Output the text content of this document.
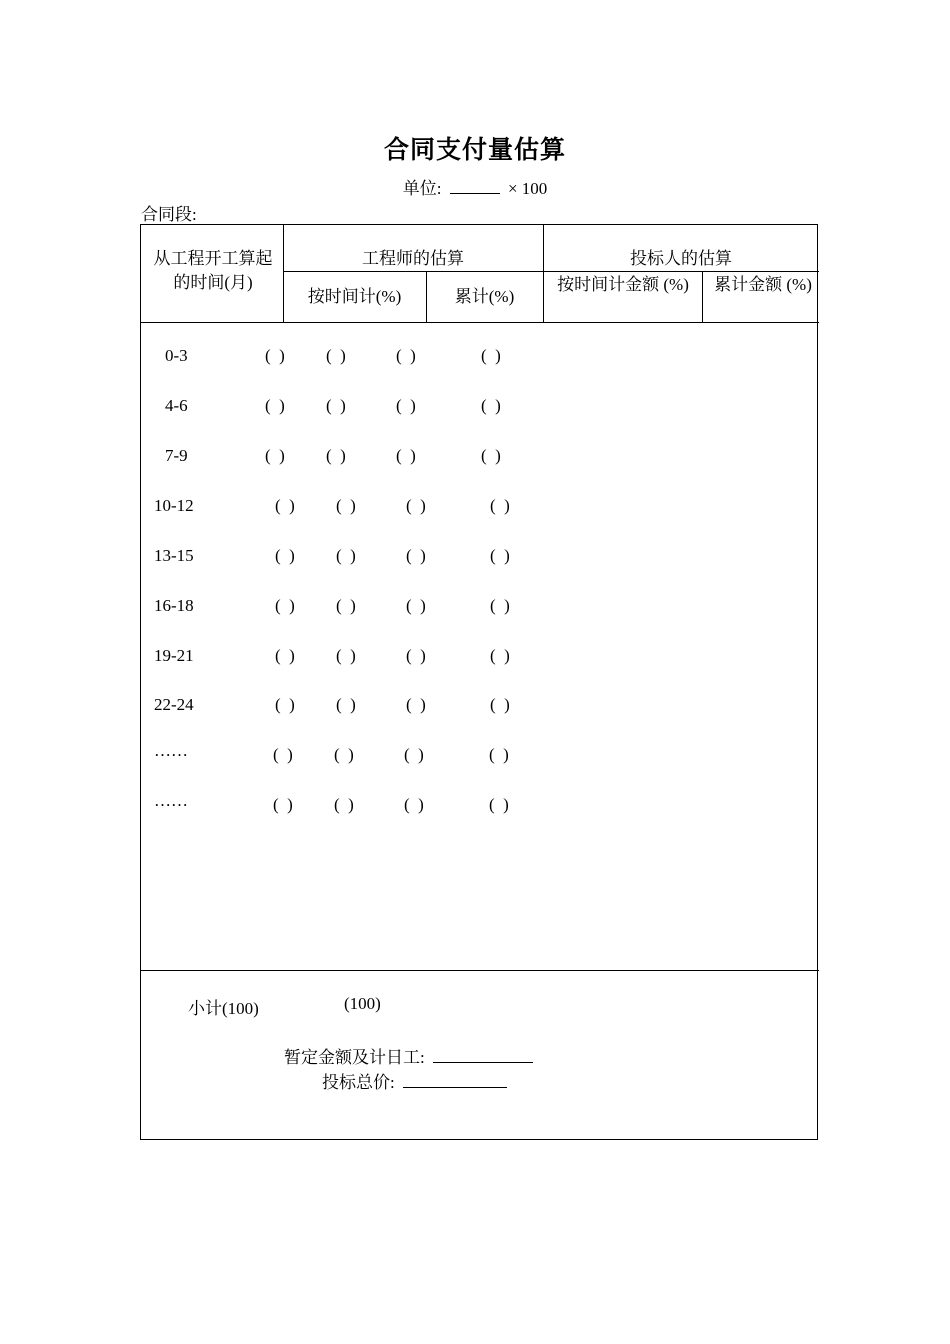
合同支付量估算
单位:	× 100
合同段:
从工程开工算起的时间(月)
工程师的估算
按时间计(%)	累计(%)
投标人的估算
按时间计金额 (%) 累计金额 (%)
0-3	(  ) (  )	(  )	(  )
4-6	(  ) (  )	(  )	(  )
7-9	(  ) (  )	(  )	(  )
10-12	(  ) (  )	(  )	(  )
13-15	(  ) (  )	(  )	(  )
16-18	(  ) (  )	(  )	(  )
19-21	(  ) (  )	(  )	(  )
22-24	(  ) (  )	(  )	(  )
……	(  ) (  )	(  )	(  )
……	(  ) (  )	(  )	(  )
小计(100)	(100)
暂定金额及计日工:
投标总价:
